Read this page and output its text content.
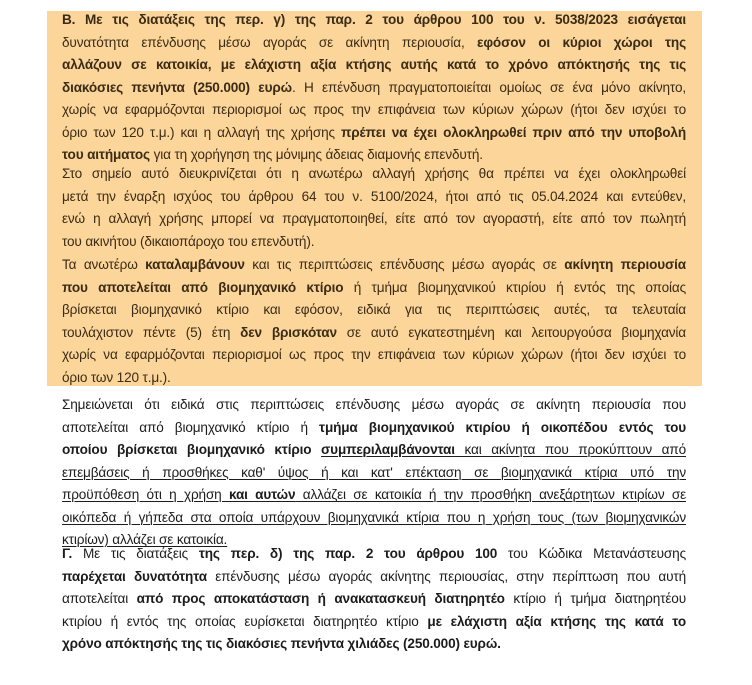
Β. Με τις διατάξεις της περ. γ) της παρ. 2 του άρθρου 100 του ν. 5038/2023 εισάγεται
δυνατότητα επένδυσης μέσω αγοράς σε ακίνητη περιουσία, εφόσον οι κύριοι χώροι της
αλλάζουν σε κατοικία, με ελάχιστη αξία κτήσης αυτής κατά το χρόνο απόκτησής της τις
διακόσιες πενήντα (250.000) ευρώ. Η επένδυση πραγματοποιείται ομοίως σε ένα μόνο ακίνητο,
χωρίς να εφαρμόζονται περιορισμοί ως προς την επιφάνεια των κύριων χώρων (ήτοι δεν ισχύει το
όριο των 120 τ.μ.) και η αλλαγή της χρήσης πρέπει να έχει ολοκληρωθεί πριν από την υποβολή
του αιτήματος για τη χορήγηση της μόνιμης άδειας διαμονής επενδυτή.
Στο σημείο αυτό διευκρινίζεται ότι η ανωτέρω αλλαγή χρήσης θα πρέπει να έχει ολοκληρωθεί
μετά την έναρξη ισχύος του άρθρου 64 του ν. 5100/2024, ήτοι από τις 05.04.2024 και εντεύθεν,
ενώ η αλλαγή χρήσης μπορεί να πραγματοποιηθεί, είτε από τον αγοραστή, είτε από τον πωλητή
του ακινήτου (δικαιοπάροχο του επενδυτή).
Τα ανωτέρω καταλαμβάνουν και τις περιπτώσεις επένδυσης μέσω αγοράς σε ακίνητη περιουσία
που αποτελείται από βιομηχανικό κτίριο ή τμήμα βιομηχανικού κτιρίου ή εντός της οποίας
βρίσκεται βιομηχανικό κτίριο και εφόσον, ειδικά για τις περιπτώσεις αυτές, τα τελευταία
τουλάχιστον πέντε (5) έτη δεν βρισκόταν σε αυτό εγκατεστημένη και λειτουργούσα βιομηχανία
χωρίς να εφαρμόζονται περιορισμοί ως προς την επιφάνεια των κύριων χώρων (ήτοι δεν ισχύει το
όριο των 120 τ.μ.).
Σημειώνεται ότι ειδικά στις περιπτώσεις επένδυσης μέσω αγοράς σε ακίνητη περιουσία που
αποτελείται από βιομηχανικό κτίριο ή τμήμα βιομηχανικού κτιρίου ή οικοπέδου εντός του
οποίου βρίσκεται βιομηχανικό κτίριο συμπεριλαμβάνονται και ακίνητα που προκύπτουν από
επεμβάσεις ή προσθήκες καθ' ύψος ή και κατ' επέκταση σε βιομηχανικά κτίρια υπό την
προϋπόθεση ότι η χρήση και αυτών αλλάζει σε κατοικία ή την προσθήκη ανεξάρτητων κτιρίων σε
οικόπεδα ή γήπεδα στα οποία υπάρχουν βιομηχανικά κτίρια που η χρήση τους (των βιομηχανικών
κτιρίων) αλλάζει σε κατοικία.
Γ. Με τις διατάξεις της περ. δ) της παρ. 2 του άρθρου 100 του Κώδικα Μετανάστευσης
παρέχεται δυνατότητα επένδυσης μέσω αγοράς ακίνητης περιουσίας, στην περίπτωση που αυτή
αποτελείται από προς αποκατάσταση ή ανακατασκευή διατηρητέο κτίριο ή τμήμα διατηρητέου
κτιρίου ή εντός της οποίας ευρίσκεται διατηρητέο κτίριο με ελάχιστη αξία κτήσης της κατά το
χρόνο απόκτησής της τις διακόσιες πενήντα χιλιάδες (250.000) ευρώ.
